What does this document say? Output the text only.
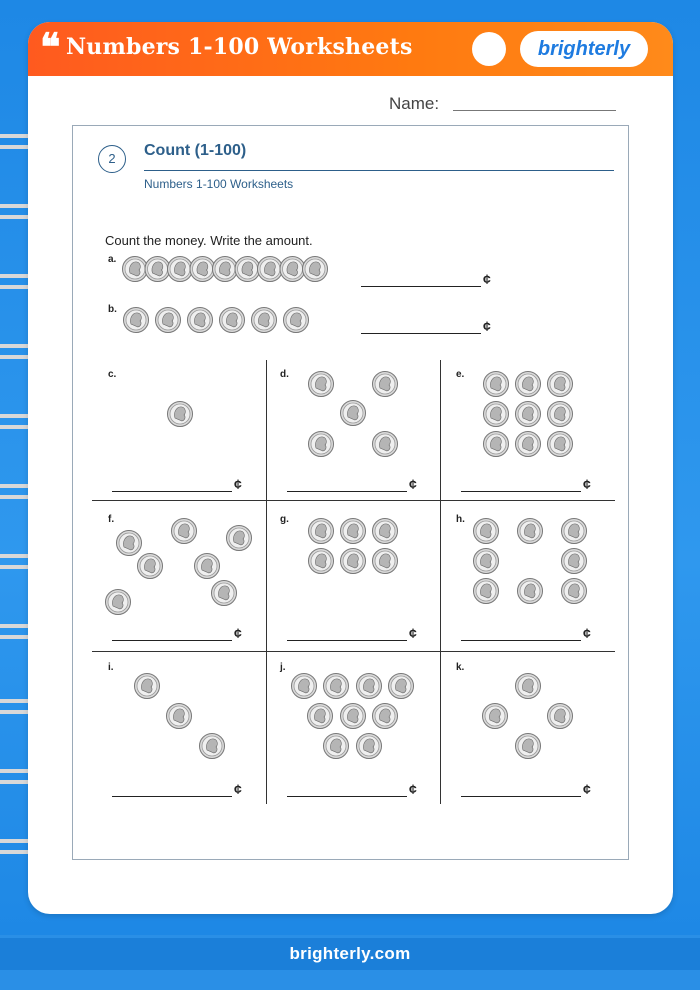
❝ Numbers 1-100 Worksheets	brighterly
Name:
2	Count (1-100)
Numbers 1-100 Worksheets
Count the money. Write the amount.
a.
b.
c.	d.	e.
f.	g.	h.
i.	j.	k.
¢
¢
¢	¢	¢
¢	¢	¢
¢	¢	¢
brighterly.com
